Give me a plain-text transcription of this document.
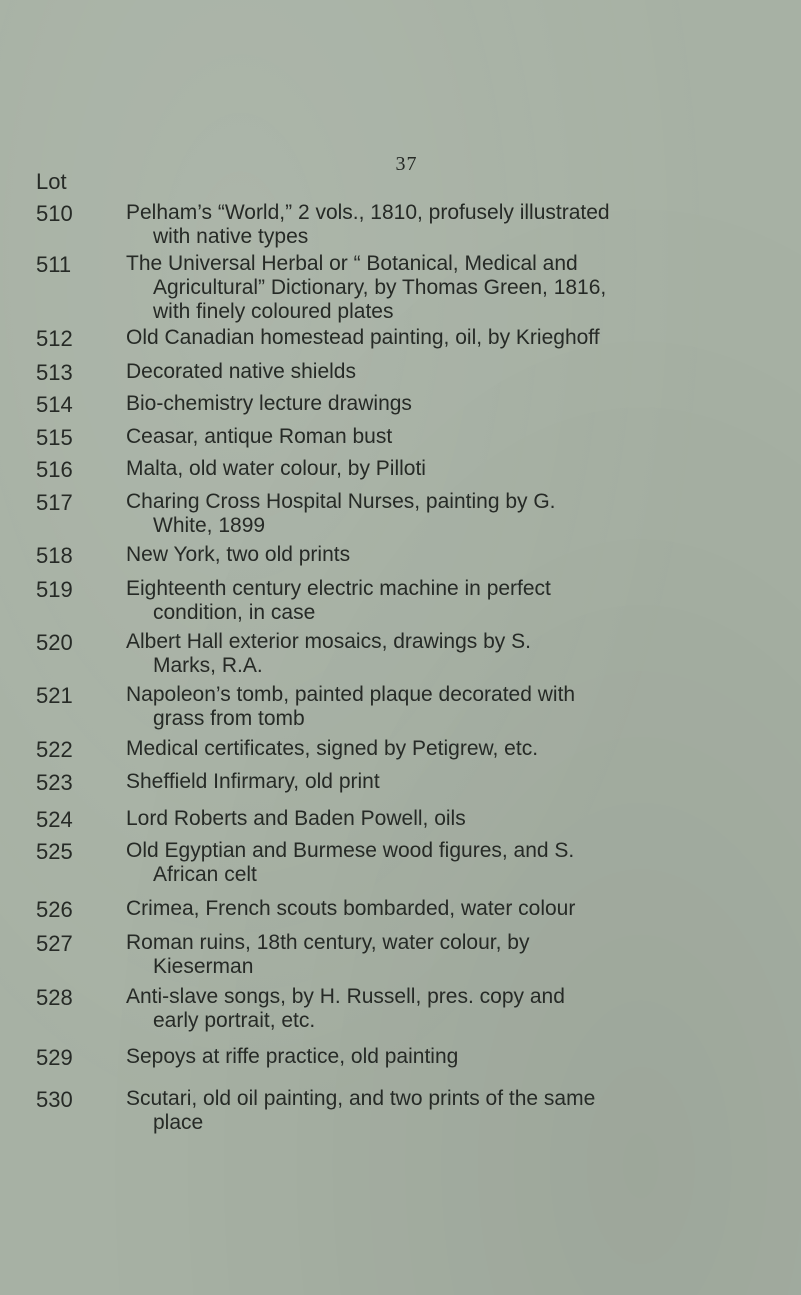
37
Lot
510	Pelham’s “World,” 2 vols., 1810, profusely illustrated
with native types
511	The Universal Herbal or “ Botanical, Medical and
Agricultural” Dictionary, by Thomas Green, 1816,
with finely coloured plates
512	Old Canadian homestead painting, oil, by Krieghoff
513	Decorated native shields
514	Bio-chemistry lecture drawings
515	Ceasar, antique Roman bust
516	Malta, old water colour, by Pilloti
517	Charing Cross Hospital Nurses, painting by G.
White, 1899
518	New York, two old prints
519	Eighteenth century electric machine in perfect
condition, in case
520	Albert Hall exterior mosaics, drawings by S.
Marks, R.A.
521	Napoleon’s tomb, painted plaque decorated with
grass from tomb
522	Medical certificates, signed by Petigrew, etc.
523	Sheffield Infirmary, old print
524	Lord Roberts and Baden Powell, oils
525	Old Egyptian and Burmese wood figures, and S.
African celt
526	Crimea, French scouts bombarded, water colour
527	Roman ruins, 18th century, water colour, by
Kieserman
528	Anti-slave songs, by H. Russell, pres. copy and
early portrait, etc.
529	Sepoys at riffe practice, old painting
530	Scutari, old oil painting, and two prints of the same
place
